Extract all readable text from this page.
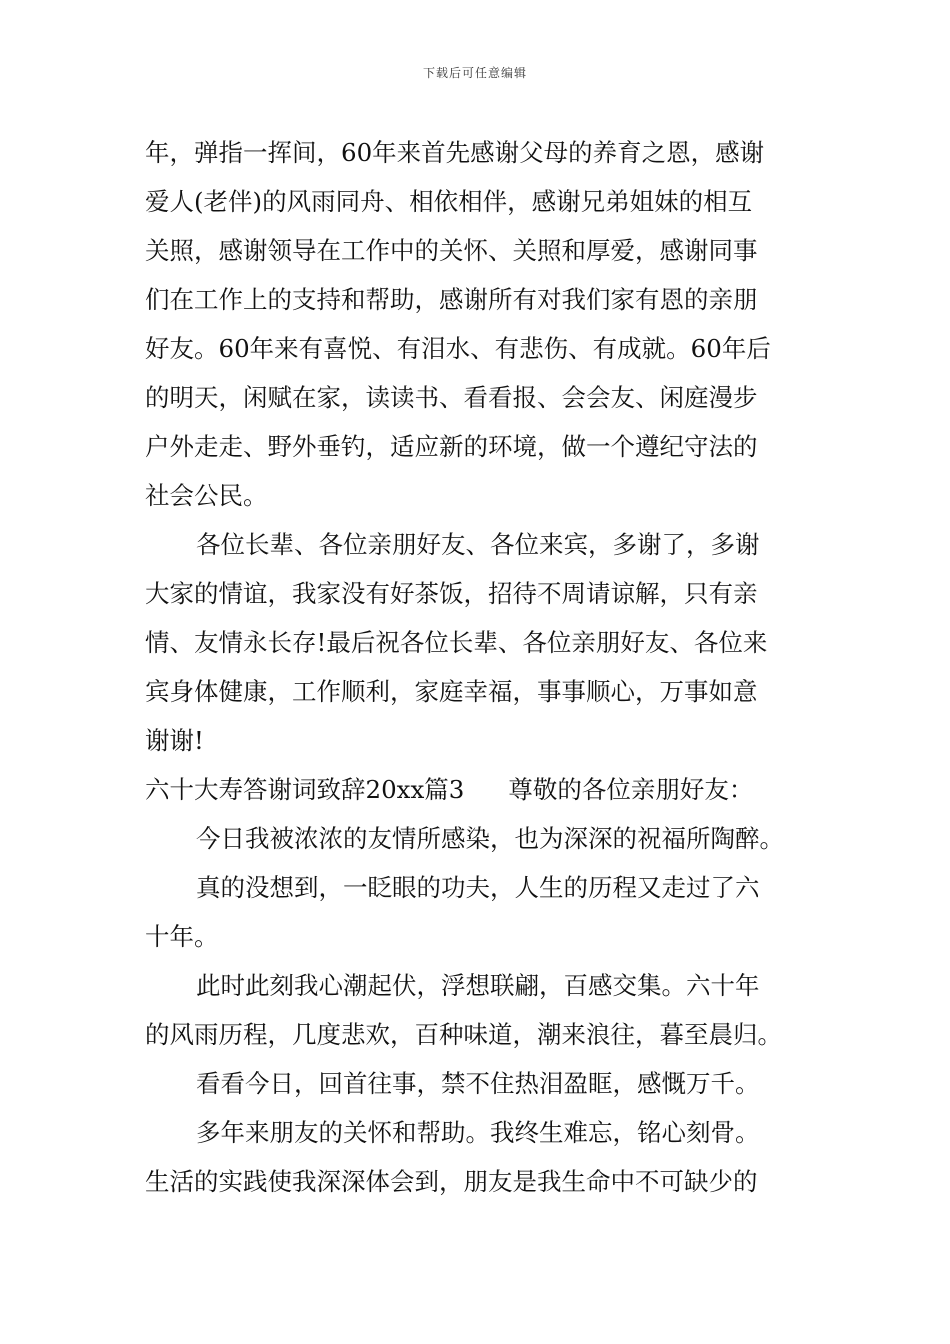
下载后可任意编辑
年，弹指一挥间，60年来首先感谢父母的养育之恩，感谢
爱人(老伴)的风雨同舟、相依相伴，感谢兄弟姐妹的相互
关照，感谢领导在工作中的关怀、关照和厚爱，感谢同事
们在工作上的支持和帮助，感谢所有对我们家有恩的亲朋
好友。60年来有喜悦、有泪水、有悲伤、有成就。60年后
的明天，闲赋在家，读读书、看看报、会会友、闲庭漫步
户外走走、野外垂钓，适应新的环境，做一个遵纪守法的
社会公民。
各位长辈、各位亲朋好友、各位来宾，多谢了，多谢
大家的情谊，我家没有好茶饭，招待不周请谅解，只有亲
情、友情永长存!最后祝各位长辈、各位亲朋好友、各位来
宾身体健康，工作顺利，家庭幸福，事事顺心，万事如意
谢谢!
六十大寿答谢词致辞20xx篇3 尊敬的各位亲朋好友：
今日我被浓浓的友情所感染，也为深深的祝福所陶醉。
真的没想到，一眨眼的功夫，人生的历程又走过了六
十年。
此时此刻我心潮起伏，浮想联翩，百感交集。六十年
的风雨历程，几度悲欢，百种味道，潮来浪往，暮至晨归。
看看今日，回首往事，禁不住热泪盈眶，感慨万千。
多年来朋友的关怀和帮助。我终生难忘，铭心刻骨。
生活的实践使我深深体会到，朋友是我生命中不可缺少的
